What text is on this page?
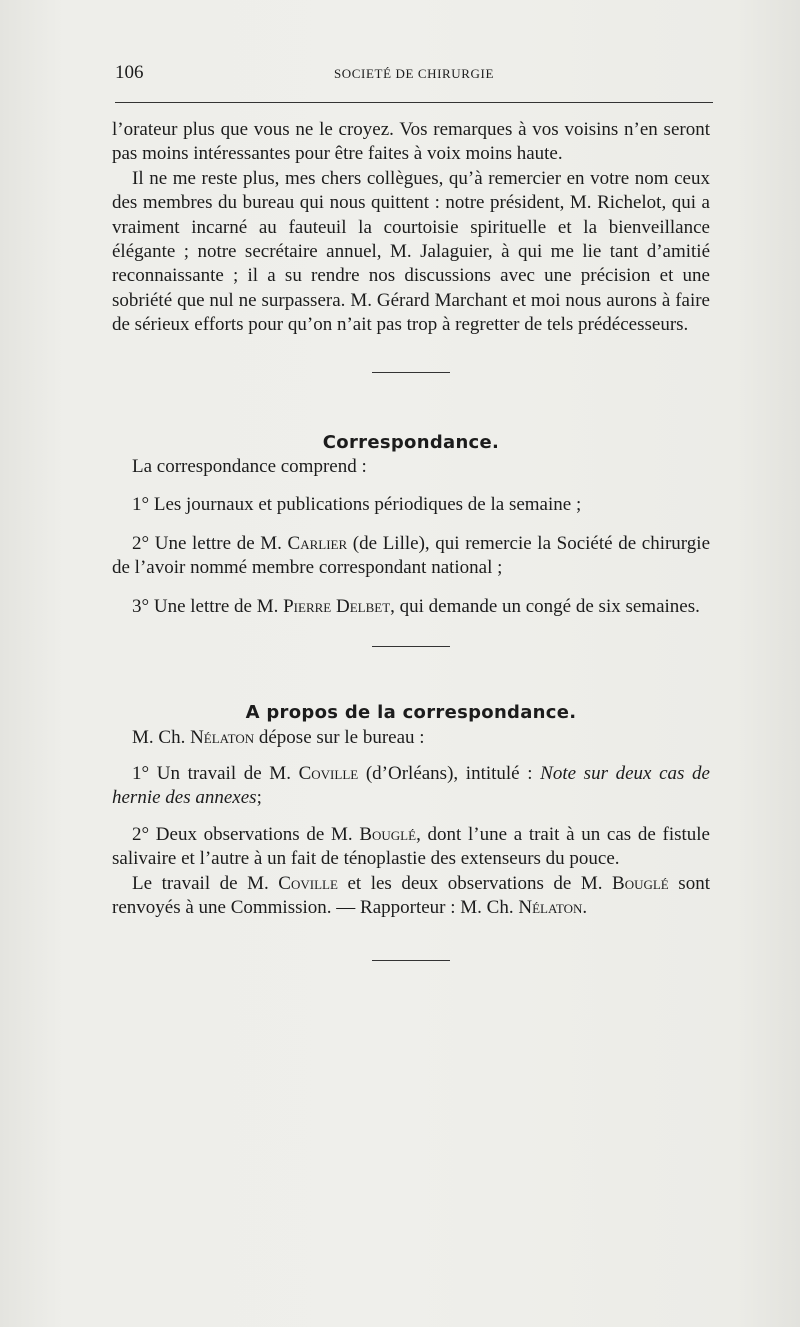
106	SOCIETÉ DE CHIRURGIE

l’orateur plus que vous ne le croyez. Vos remarques à vos voisins n’en seront pas moins intéressantes pour être faites à voix moins haute.

Il ne me reste plus, mes chers collègues, qu’à remercier en votre nom ceux des membres du bureau qui nous quittent : notre président, M. Richelot, qui a vraiment incarné au fauteuil la courtoisie spirituelle et la bienveillance élégante ; notre secrétaire annuel, M. Jalaguier, à qui me lie tant d’amitié reconnaissante ; il a su rendre nos discussions avec une précision et une sobriété que nul ne surpassera. M. Gérard Marchant et moi nous aurons à faire de sérieux efforts pour qu’on n’ait pas trop à regretter de tels prédécesseurs.

Correspondance.

La correspondance comprend :

1° Les journaux et publications périodiques de la semaine ;

2° Une lettre de M. Carlier (de Lille), qui remercie la Société de chirurgie de l’avoir nommé membre correspondant national ;

3° Une lettre de M. Pierre Delbet, qui demande un congé de six semaines.

A propos de la correspondance.

M. Ch. Nélaton dépose sur le bureau :

1° Un travail de M. Coville (d’Orléans), intitulé : Note sur deux cas de hernie des annexes;

2° Deux observations de M. Bouglé, dont l’une a trait à un cas de fistule salivaire et l’autre à un fait de ténoplastie des extenseurs du pouce.

Le travail de M. Coville et les deux observations de M. Bouglé sont renvoyés à une Commission. — Rapporteur : M. Ch. Nélaton.
